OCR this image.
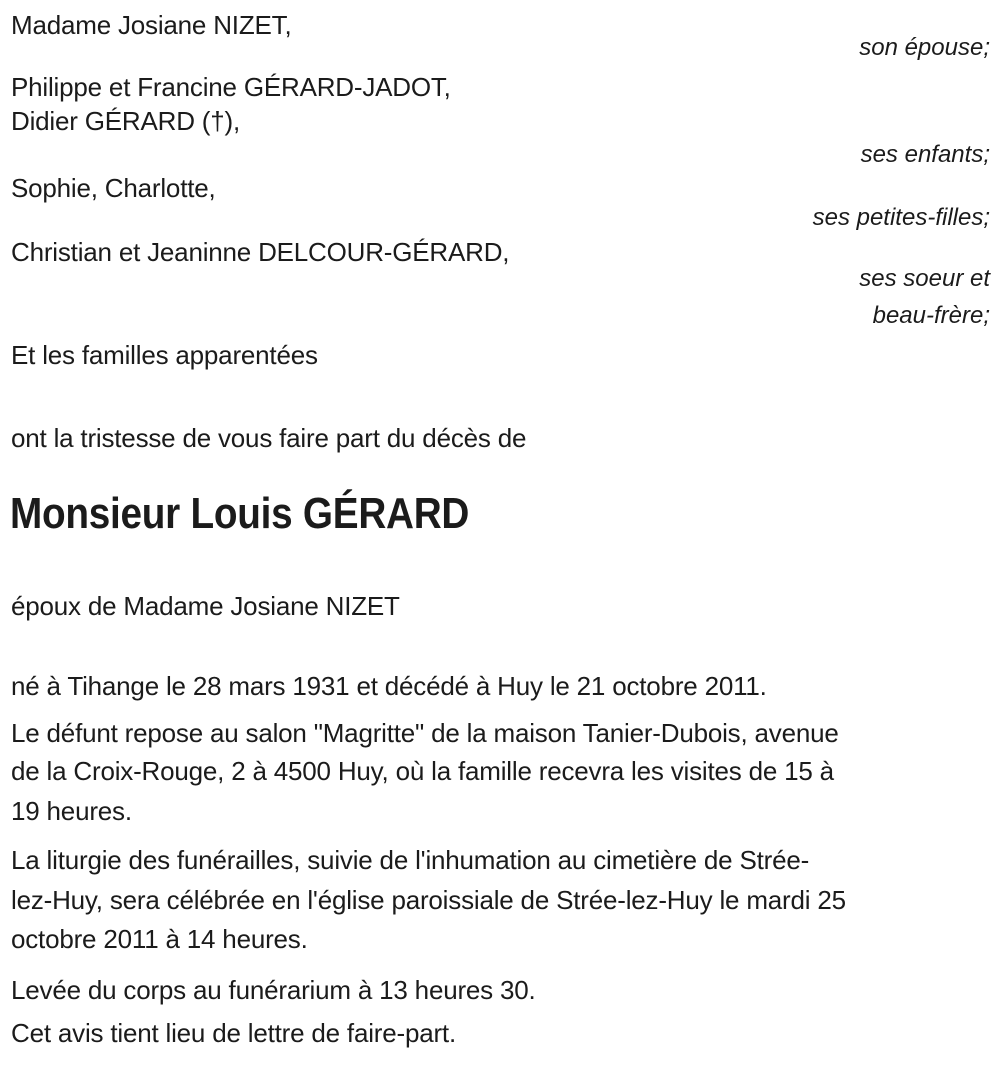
Madame Josiane NIZET,
son épouse;
Philippe et Francine GÉRARD-JADOT,
Didier GÉRARD (†),
ses enfants;
Sophie, Charlotte,
ses petites-filles;
Christian et Jeaninne DELCOUR-GÉRARD,
ses soeur et
beau-frère;
Et les familles apparentées
ont la tristesse de vous faire part du décès de
Monsieur Louis GÉRARD
époux de Madame Josiane NIZET
né à Tihange le 28 mars 1931 et décédé à Huy le 21 octobre 2011.
Le défunt repose au salon "Magritte" de la maison Tanier-Dubois, avenue
de la Croix-Rouge, 2 à 4500 Huy, où la famille recevra les visites de 15 à
19 heures.
La liturgie des funérailles, suivie de l'inhumation au cimetière de Strée-
lez-Huy, sera célébrée en l'église paroissiale de Strée-lez-Huy le mardi 25
octobre 2011 à 14 heures.
Levée du corps au funérarium à 13 heures 30.
Cet avis tient lieu de lettre de faire-part.
